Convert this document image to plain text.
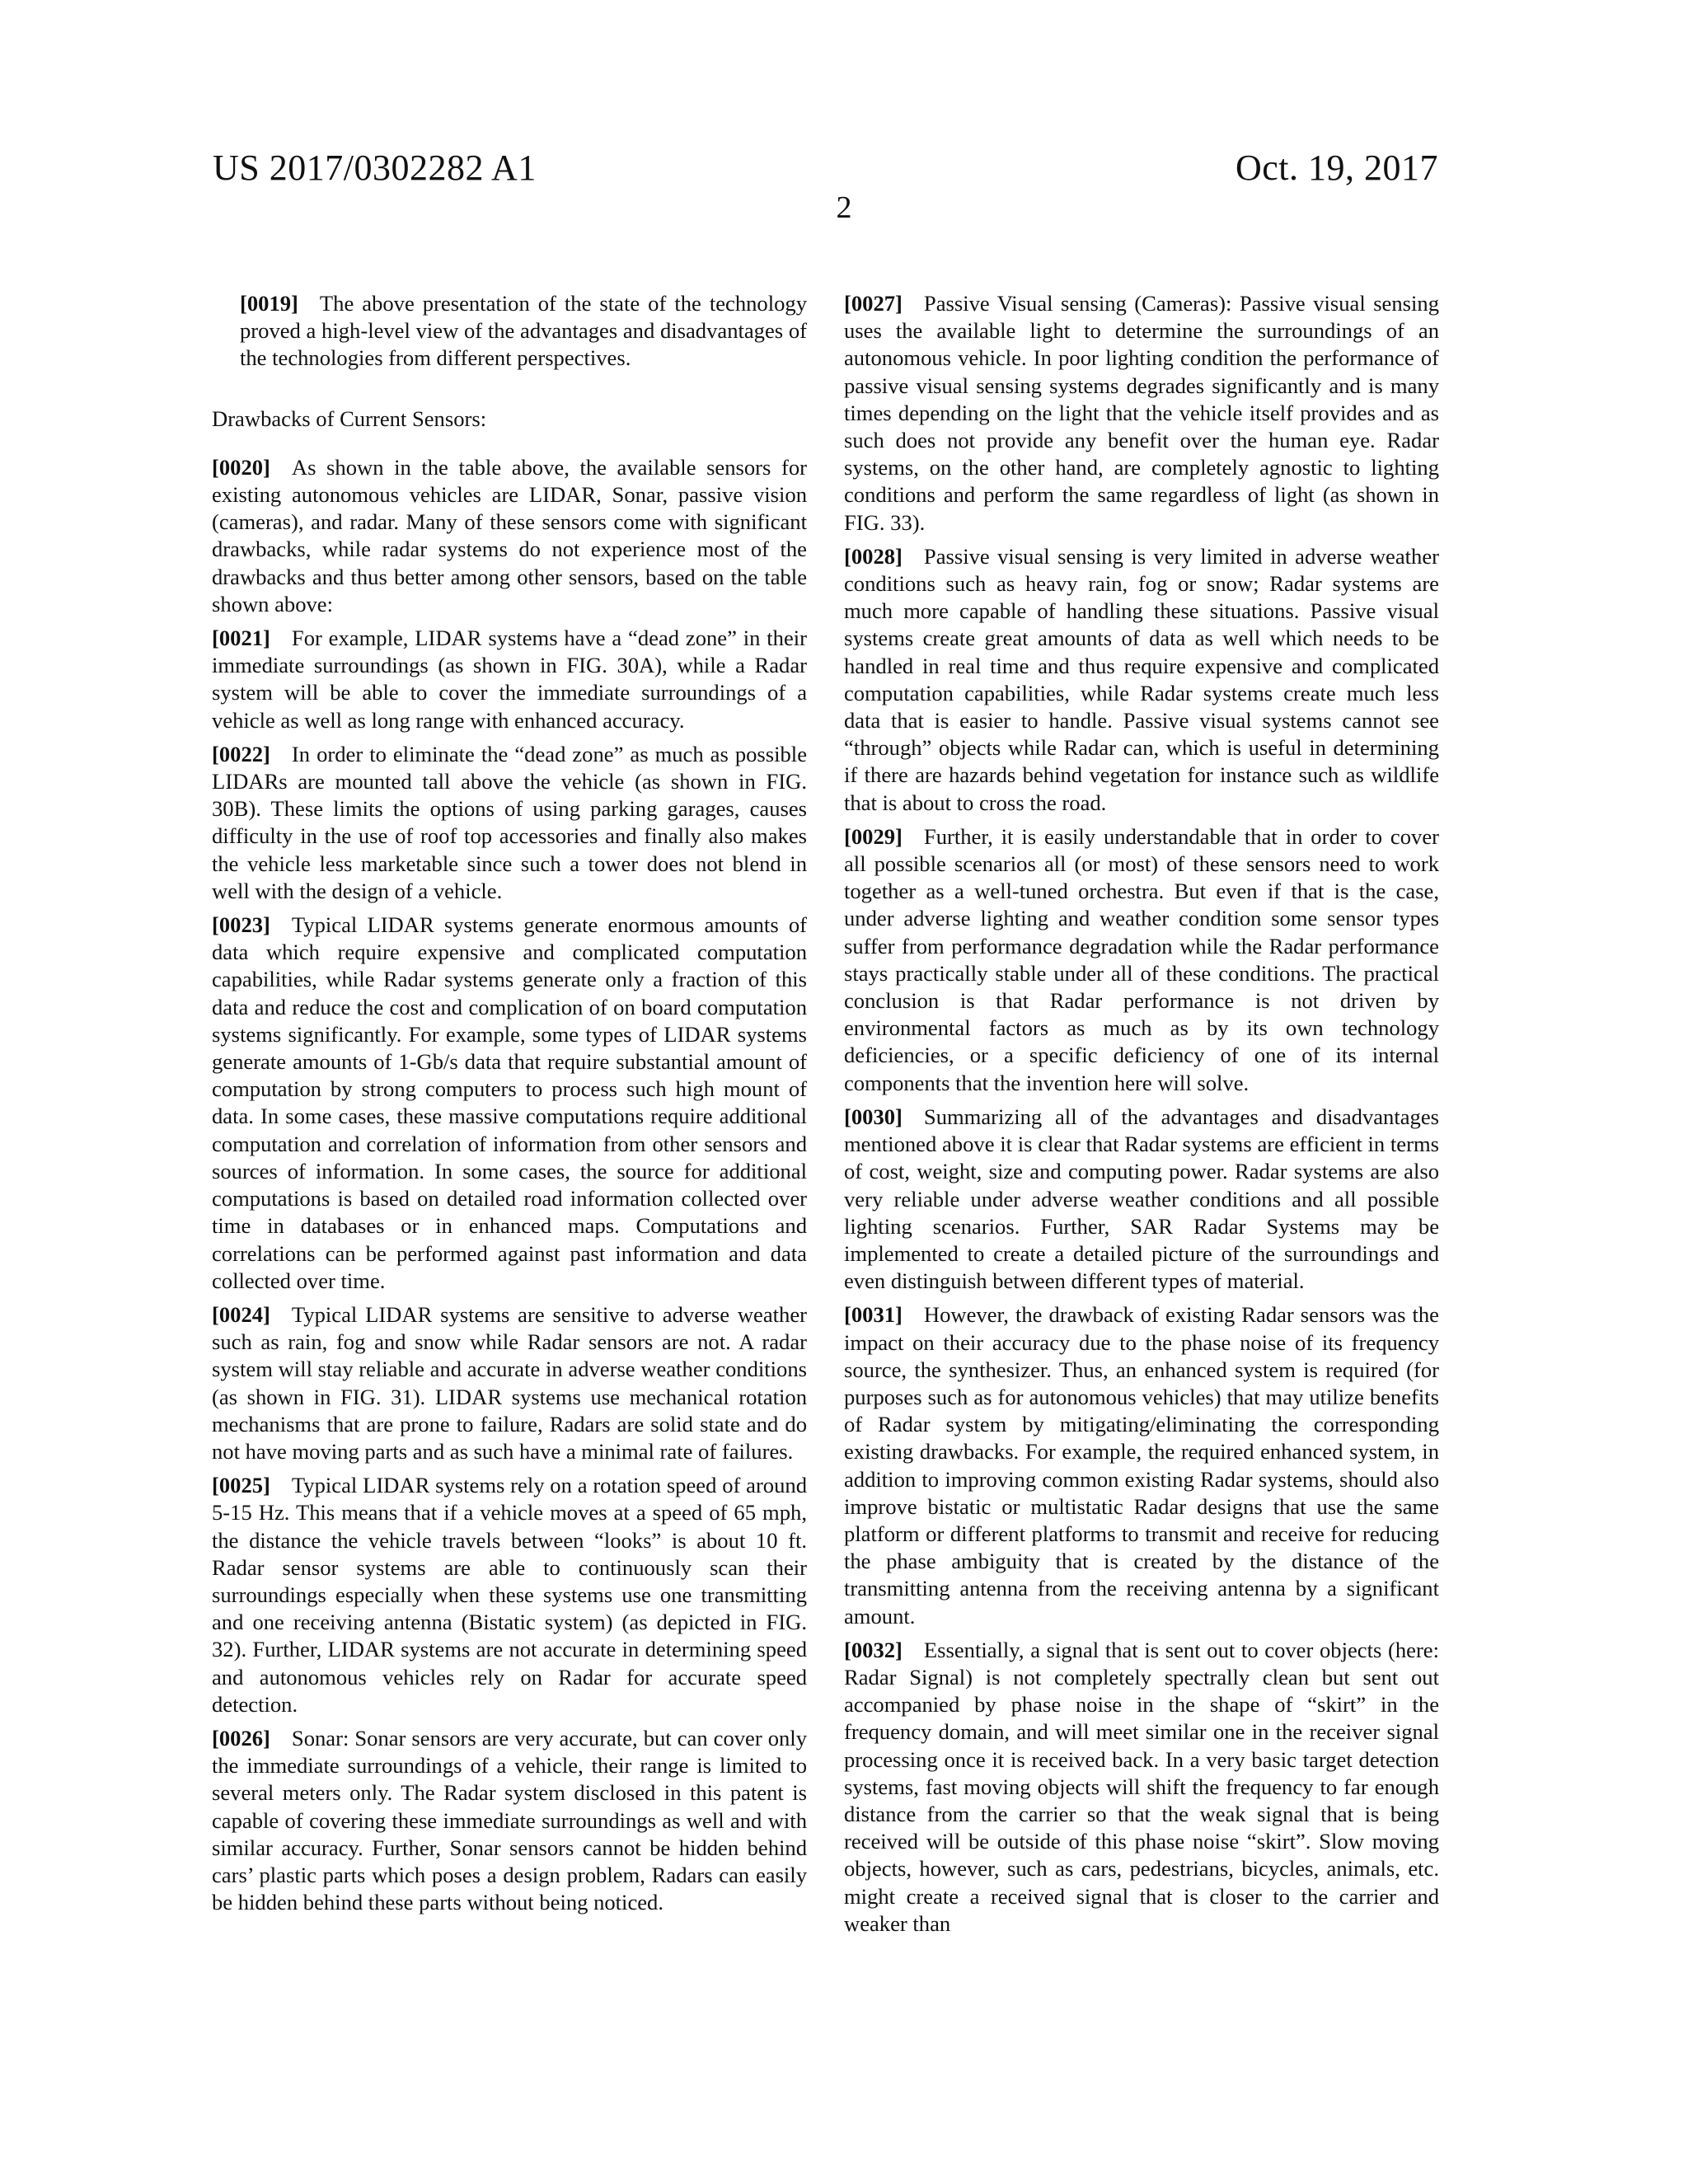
US 2017/0302282 A1	Oct. 19, 2017
2

[0019] The above presentation of the state of the technology proved a high-level view of the advantages and disadvantages of the technologies from different perspectives.

Drawbacks of Current Sensors:

[0020] As shown in the table above, the available sensors for existing autonomous vehicles are LIDAR, Sonar, passive vision (cameras), and radar. Many of these sensors come with significant drawbacks, while radar systems do not experience most of the drawbacks and thus better among other sensors, based on the table shown above:

[0021] For example, LIDAR systems have a “dead zone” in their immediate surroundings (as shown in FIG. 30A), while a Radar system will be able to cover the immediate surroundings of a vehicle as well as long range with enhanced accuracy.

[0022] In order to eliminate the “dead zone” as much as possible LIDARs are mounted tall above the vehicle (as shown in FIG. 30B). These limits the options of using parking garages, causes difficulty in the use of roof top accessories and finally also makes the vehicle less marketable since such a tower does not blend in well with the design of a vehicle.

[0023] Typical LIDAR systems generate enormous amounts of data which require expensive and complicated computation capabilities, while Radar systems generate only a fraction of this data and reduce the cost and complication of on board computation systems significantly. For example, some types of LIDAR systems generate amounts of 1-Gb/s data that require substantial amount of computation by strong computers to process such high mount of data. In some cases, these massive computations require additional computation and correlation of information from other sensors and sources of information. In some cases, the source for additional computations is based on detailed road information collected over time in databases or in enhanced maps. Computations and correlations can be performed against past information and data collected over time.

[0024] Typical LIDAR systems are sensitive to adverse weather such as rain, fog and snow while Radar sensors are not. A radar system will stay reliable and accurate in adverse weather conditions (as shown in FIG. 31). LIDAR systems use mechanical rotation mechanisms that are prone to failure, Radars are solid state and do not have moving parts and as such have a minimal rate of failures.

[0025] Typical LIDAR systems rely on a rotation speed of around 5-15 Hz. This means that if a vehicle moves at a speed of 65 mph, the distance the vehicle travels between “looks” is about 10 ft. Radar sensor systems are able to continuously scan their surroundings especially when these systems use one transmitting and one receiving antenna (Bistatic system) (as depicted in FIG. 32). Further, LIDAR systems are not accurate in determining speed and autonomous vehicles rely on Radar for accurate speed detection.

[0026] Sonar: Sonar sensors are very accurate, but can cover only the immediate surroundings of a vehicle, their range is limited to several meters only. The Radar system disclosed in this patent is capable of covering these immediate surroundings as well and with similar accuracy. Further, Sonar sensors cannot be hidden behind cars’ plastic parts which poses a design problem, Radars can easily be hidden behind these parts without being noticed.

[0027] Passive Visual sensing (Cameras): Passive visual sensing uses the available light to determine the surroundings of an autonomous vehicle. In poor lighting condition the performance of passive visual sensing systems degrades significantly and is many times depending on the light that the vehicle itself provides and as such does not provide any benefit over the human eye. Radar systems, on the other hand, are completely agnostic to lighting conditions and perform the same regardless of light (as shown in FIG. 33).

[0028] Passive visual sensing is very limited in adverse weather conditions such as heavy rain, fog or snow; Radar systems are much more capable of handling these situations. Passive visual systems create great amounts of data as well which needs to be handled in real time and thus require expensive and complicated computation capabilities, while Radar systems create much less data that is easier to handle. Passive visual systems cannot see “through” objects while Radar can, which is useful in determining if there are hazards behind vegetation for instance such as wildlife that is about to cross the road.

[0029] Further, it is easily understandable that in order to cover all possible scenarios all (or most) of these sensors need to work together as a well-tuned orchestra. But even if that is the case, under adverse lighting and weather condition some sensor types suffer from performance degradation while the Radar performance stays practically stable under all of these conditions. The practical conclusion is that Radar performance is not driven by environmental factors as much as by its own technology deficiencies, or a specific deficiency of one of its internal components that the invention here will solve.

[0030] Summarizing all of the advantages and disadvantages mentioned above it is clear that Radar systems are efficient in terms of cost, weight, size and computing power. Radar systems are also very reliable under adverse weather conditions and all possible lighting scenarios. Further, SAR Radar Systems may be implemented to create a detailed picture of the surroundings and even distinguish between different types of material.

[0031] However, the drawback of existing Radar sensors was the impact on their accuracy due to the phase noise of its frequency source, the synthesizer. Thus, an enhanced system is required (for purposes such as for autonomous vehicles) that may utilize benefits of Radar system by mitigating/eliminating the corresponding existing drawbacks. For example, the required enhanced system, in addition to improving common existing Radar systems, should also improve bistatic or multistatic Radar designs that use the same platform or different platforms to transmit and receive for reducing the phase ambiguity that is created by the distance of the transmitting antenna from the receiving antenna by a significant amount.

[0032] Essentially, a signal that is sent out to cover objects (here: Radar Signal) is not completely spectrally clean but sent out accompanied by phase noise in the shape of “skirt” in the frequency domain, and will meet similar one in the receiver signal processing once it is received back. In a very basic target detection systems, fast moving objects will shift the frequency to far enough distance from the carrier so that the weak signal that is being received will be outside of this phase noise “skirt”. Slow moving objects, however, such as cars, pedestrians, bicycles, animals, etc. might create a received signal that is closer to the carrier and weaker than
